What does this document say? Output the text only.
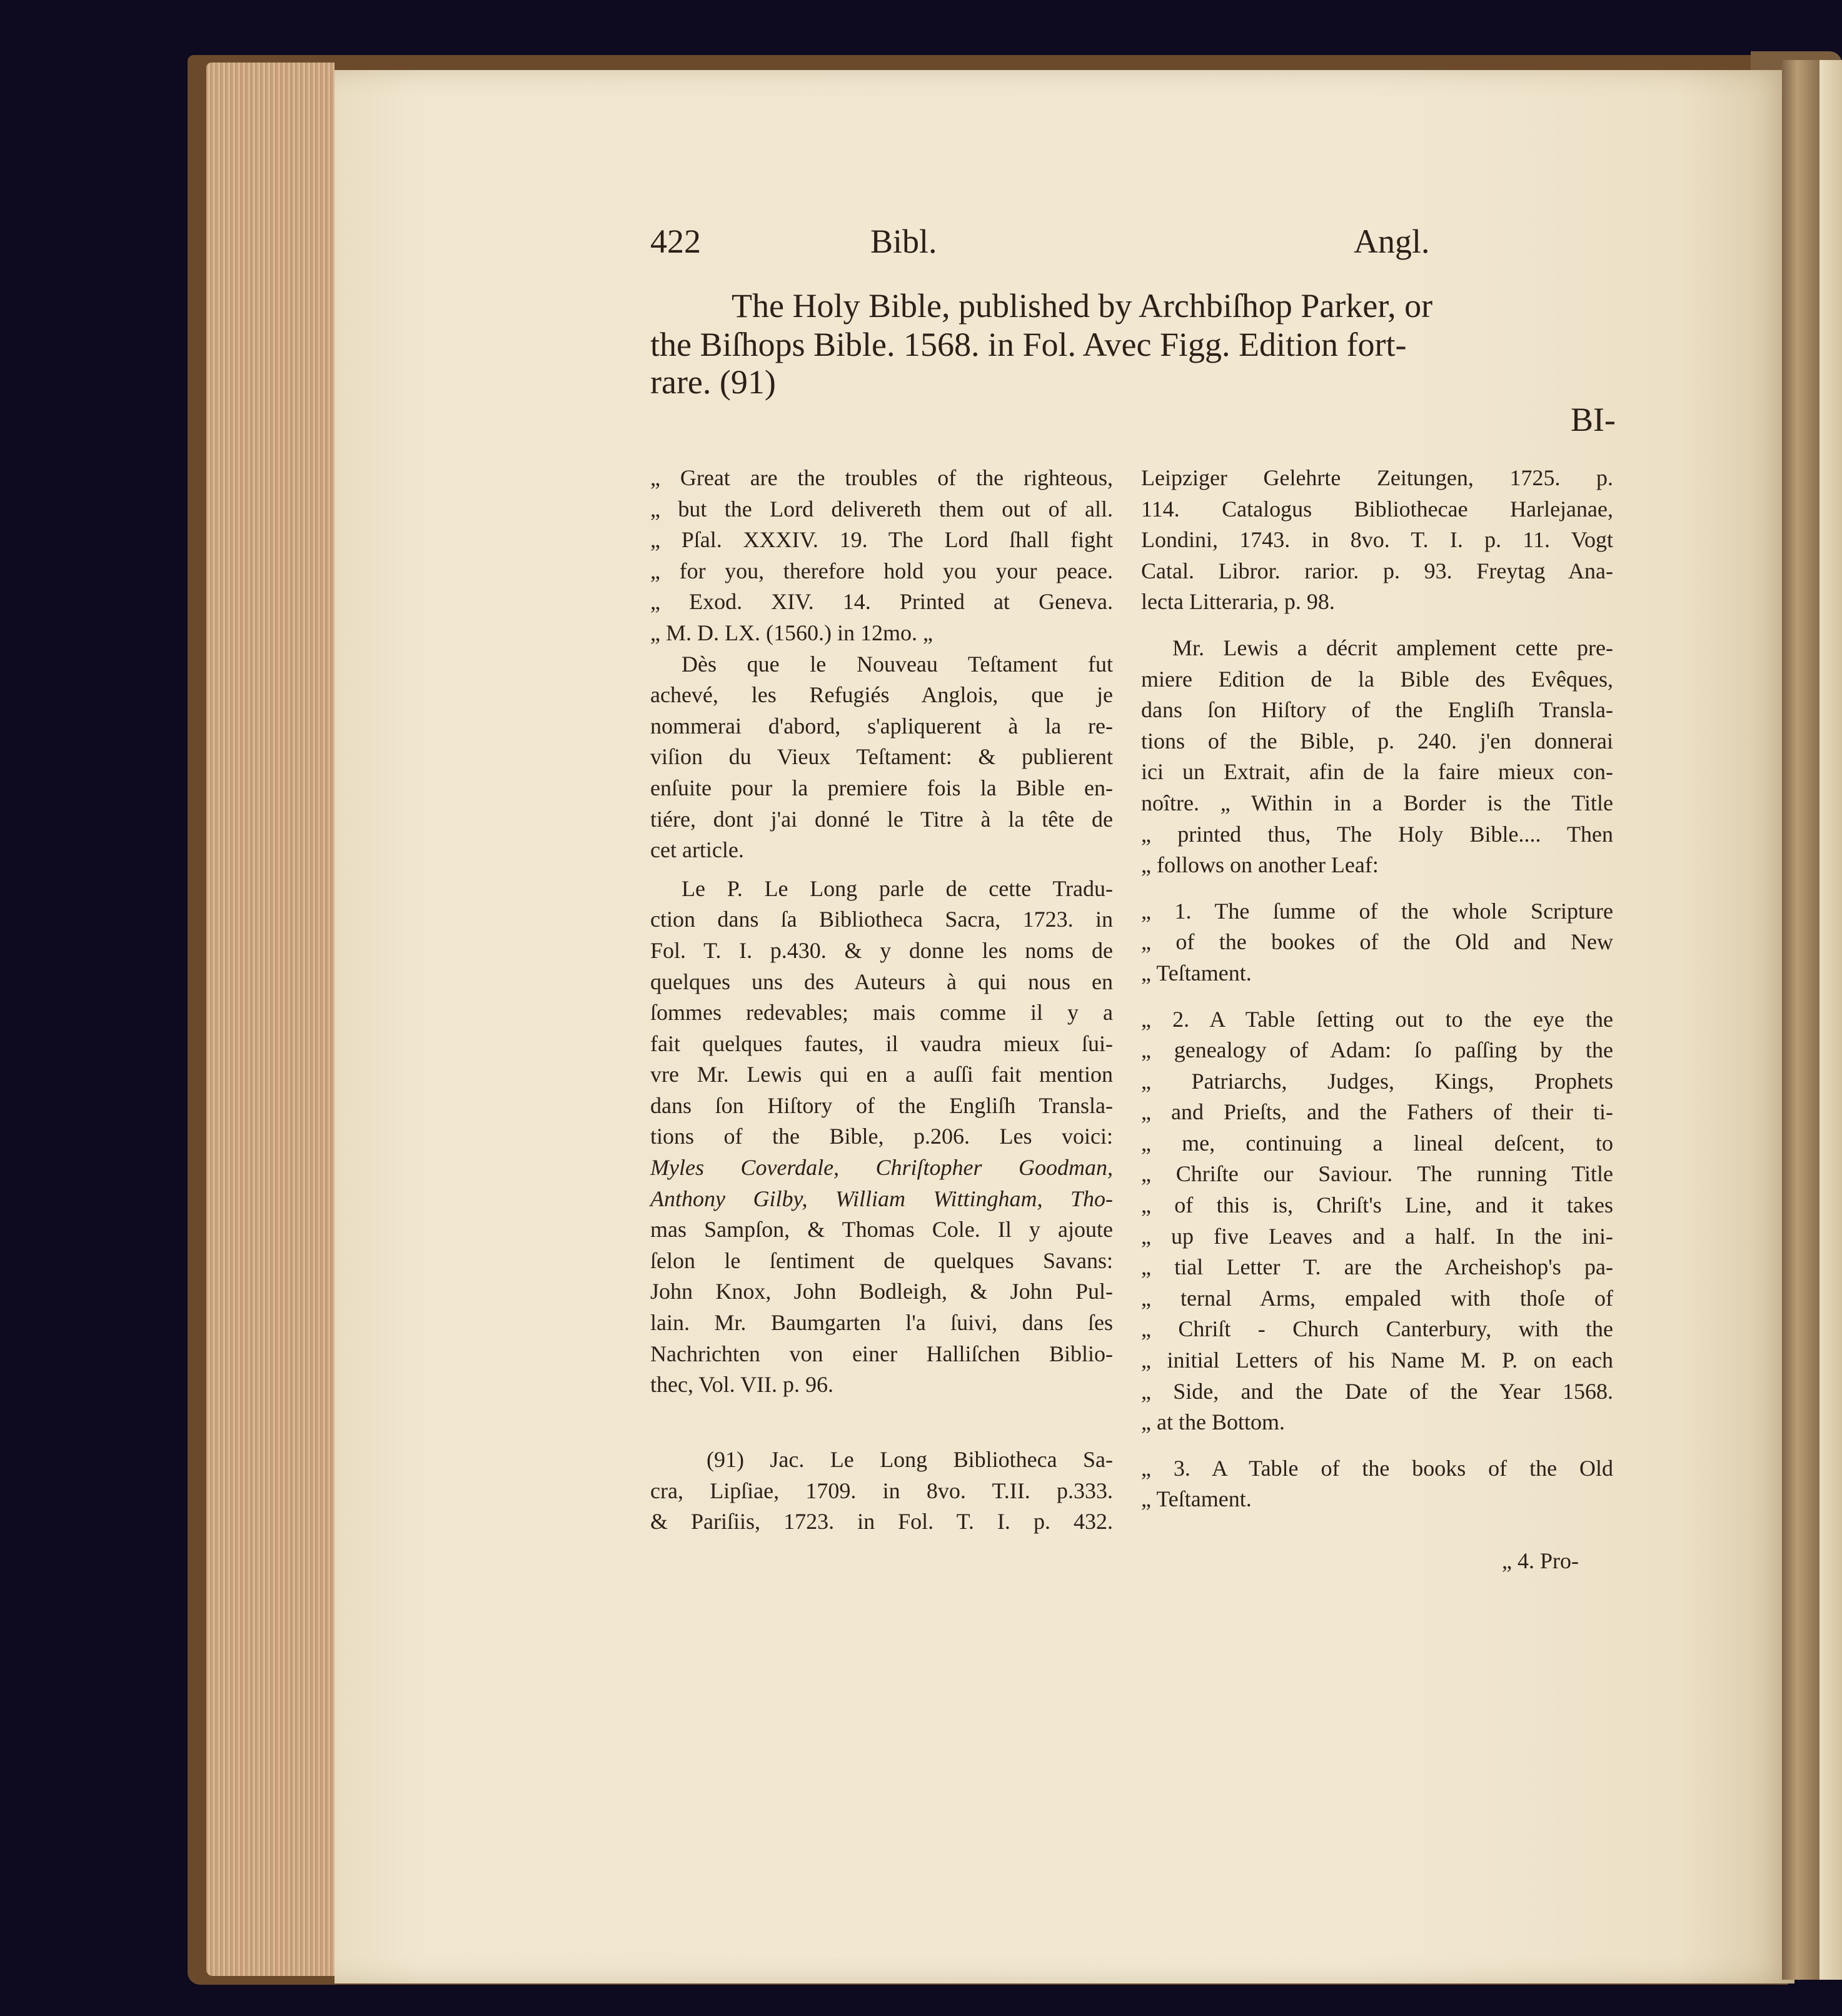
422	Bibl.	Angl.
The Holy Bible, published by Archbiſhop Parker, or
the Biſhops Bible. 1568. in Fol. Avec Figg. Edition fort-
rare. (91)
BI-
„ Great are the troubles of the righteous,
„ but the Lord delivereth them out of all.
„ Pſal. XXXIV. 19. The Lord ſhall fight
„ for you, therefore hold you your peace.
„ Exod. XIV. 14. Printed at Geneva.
„ M. D. LX. (1560.) in 12mo. „
Dès que le Nouveau Teſtament fut
achevé, les Refugiés Anglois, que je
nommerai d'abord, s'apliquerent à la re-
viſion du Vieux Teſtament: & publierent
enſuite pour la premiere fois la Bible en-
tiére, dont j'ai donné le Titre à la tête de
cet article.
Le P. Le Long parle de cette Tradu-
ction dans ſa Bibliotheca Sacra, 1723. in
Fol. T. I. p.430. & y donne les noms de
quelques uns des Auteurs à qui nous en
ſommes redevables; mais comme il y a
fait quelques fautes, il vaudra mieux ſui-
vre Mr. Lewis qui en a auſſi fait mention
dans ſon Hiſtory of the Engliſh Transla-
tions of the Bible, p.206. Les voici:
Myles Coverdale, Chriſtopher Goodman,
Anthony Gilby, William Wittingham, Tho-
mas Sampſon, & Thomas Cole. Il y ajoute
ſelon le ſentiment de quelques Savans:
John Knox, John Bodleigh, & John Pul-
lain. Mr. Baumgarten l'a ſuivi, dans ſes
Nachrichten von einer Halliſchen Biblio-
thec, Vol. VII. p. 96.
(91) Jac. Le Long Bibliotheca Sa-
cra, Lipſiae, 1709. in 8vo. T.II. p.333.
& Pariſiis, 1723. in Fol. T. I. p. 432.
Leipziger Gelehrte Zeitungen, 1725. p.
114. Catalogus Bibliothecae Harlejanae,
Londini, 1743. in 8vo. T. I. p. 11. Vogt
Catal. Libror. rarior. p. 93. Freytag Ana-
lecta Litteraria, p. 98.
Mr. Lewis a décrit amplement cette pre-
miere Edition de la Bible des Evêques,
dans ſon Hiſtory of the Engliſh Transla-
tions of the Bible, p. 240. j'en donnerai
ici un Extrait, afin de la faire mieux con-
noître. „ Within in a Border is the Title
„ printed thus, The Holy Bible.... Then
„ follows on another Leaf:
„ 1. The ſumme of the whole Scripture
„ of the bookes of the Old and New
„ Teſtament.
„ 2. A Table ſetting out to the eye the
„ genealogy of Adam: ſo paſſing by the
„ Patriarchs, Judges, Kings, Prophets
„ and Prieſts, and the Fathers of their ti-
„ me, continuing a lineal deſcent, to
„ Chriſte our Saviour. The running Title
„ of this is, Chriſt's Line, and it takes
„ up five Leaves and a half. In the ini-
„ tial Letter T. are the Archeishop's pa-
„ ternal Arms, empaled with thoſe of
„ Chriſt - Church Canterbury, with the
„ initial Letters of his Name M. P. on each
„ Side, and the Date of the Year 1568.
„ at the Bottom.
„ 3. A Table of the books of the Old
„ Teſtament.
„ 4. Pro-
